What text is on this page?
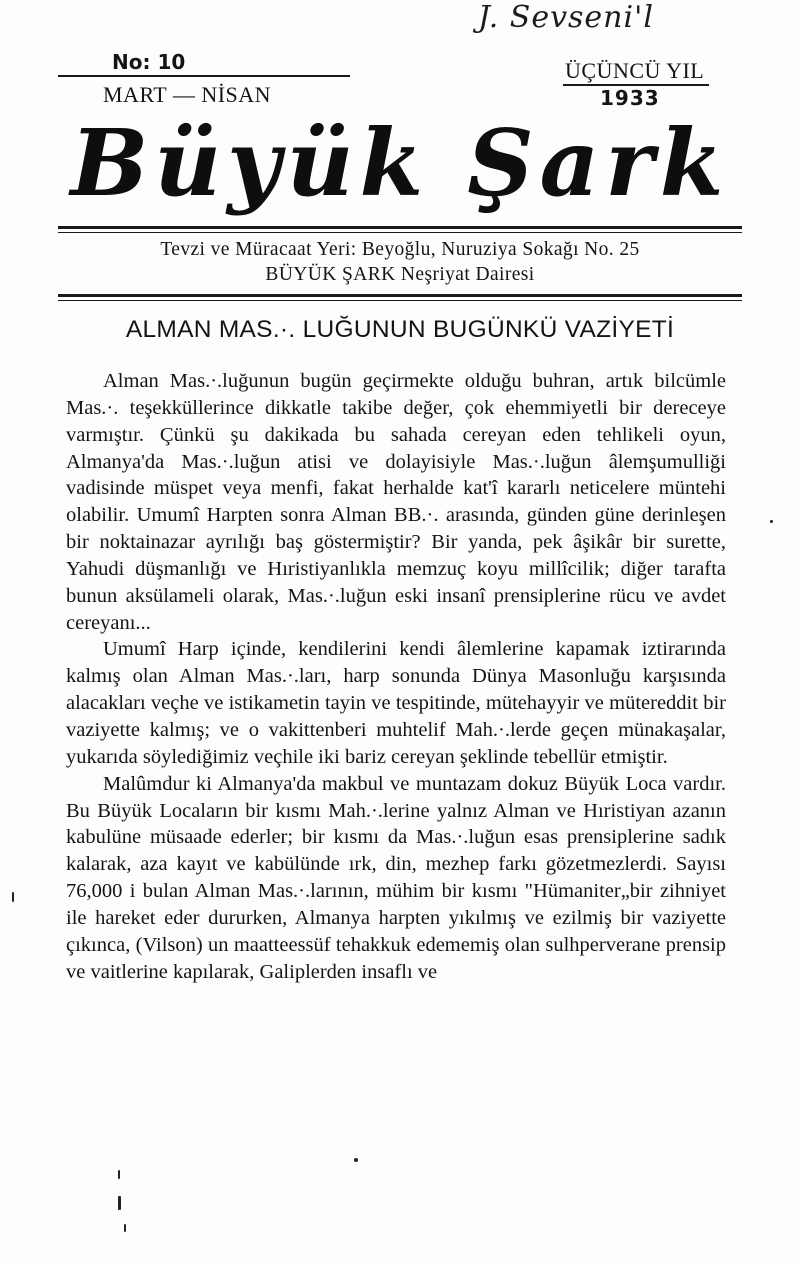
J. Sevseni'l
No: 10	ÜÇÜNCÜ YIL
MART — NİSAN	1933
Büyük Şark
Tevzi ve Müracaat Yeri: Beyoğlu, Nuruziya Sokağı No. 25
BÜYÜK ŞARK Neşriyat Dairesi
ALMAN MAS.·. LUĞUNUN BUGÜNKÜ VAZİYETİ

Alman Mas.·.luğunun bugün geçirmekte olduğu buhran, artık bilcümle Mas.·. teşekküllerince dikkatle takibe değer, çok ehemmiyetli bir dereceye varmıştır. Çünkü şu dakikada bu sahada cereyan eden tehlikeli oyun, Almanya'da Mas.·.luğun atisi ve dolayisiyle Mas.·.luğun âlemşumulliği vadisinde müspet veya menfi, fakat herhalde kat'î kararlı neticelere müntehi olabilir. Umumî Harpten sonra Alman BB.·. arasında, günden güne derinleşen bir noktainazar ayrılığı baş göstermiştir? Bir yanda, pek âşikâr bir surette, Yahudi düşmanlığı ve Hıristiyanlıkla memzuç koyu millîcilik; diğer tarafta bunun aksülameli olarak, Mas.·.luğun eski insanî prensiplerine rücu ve avdet cereyanı...

Umumî Harp içinde, kendilerini kendi âlemlerine kapamak iztirarında kalmış olan Alman Mas.·.ları, harp sonunda Dünya Masonluğu karşısında alacakları veçhe ve istikametin tayin ve tespitinde, mütehayyir ve mütereddit bir vaziyette kalmış; ve o vakittenberi muhtelif Mah.·.lerde geçen münakaşalar, yukarıda söylediğimiz veçhile iki bariz cereyan şeklinde tebellür etmiştir.

Malûmdur ki Almanya'da makbul ve muntazam dokuz Büyük Loca vardır. Bu Büyük Locaların bir kısmı Mah.·.lerine yalnız Alman ve Hıristiyan azanın kabulüne müsaade ederler; bir kısmı da Mas.·.luğun esas prensiplerine sadık kalarak, aza kayıt ve kabülünde ırk, din, mezhep farkı gözetmezlerdi. Sayısı 76,000 i bulan Alman Mas.·.larının, mühim bir kısmı "Hümaniter„bir zihniyet ile hareket eder dururken, Almanya harpten yıkılmış ve ezilmiş bir vaziyette çıkınca, (Vilson) un maatteessüf tehakkuk edememiş olan sulhperverane prensip ve vaitlerine kapılarak, Galiplerden insaflı ve
